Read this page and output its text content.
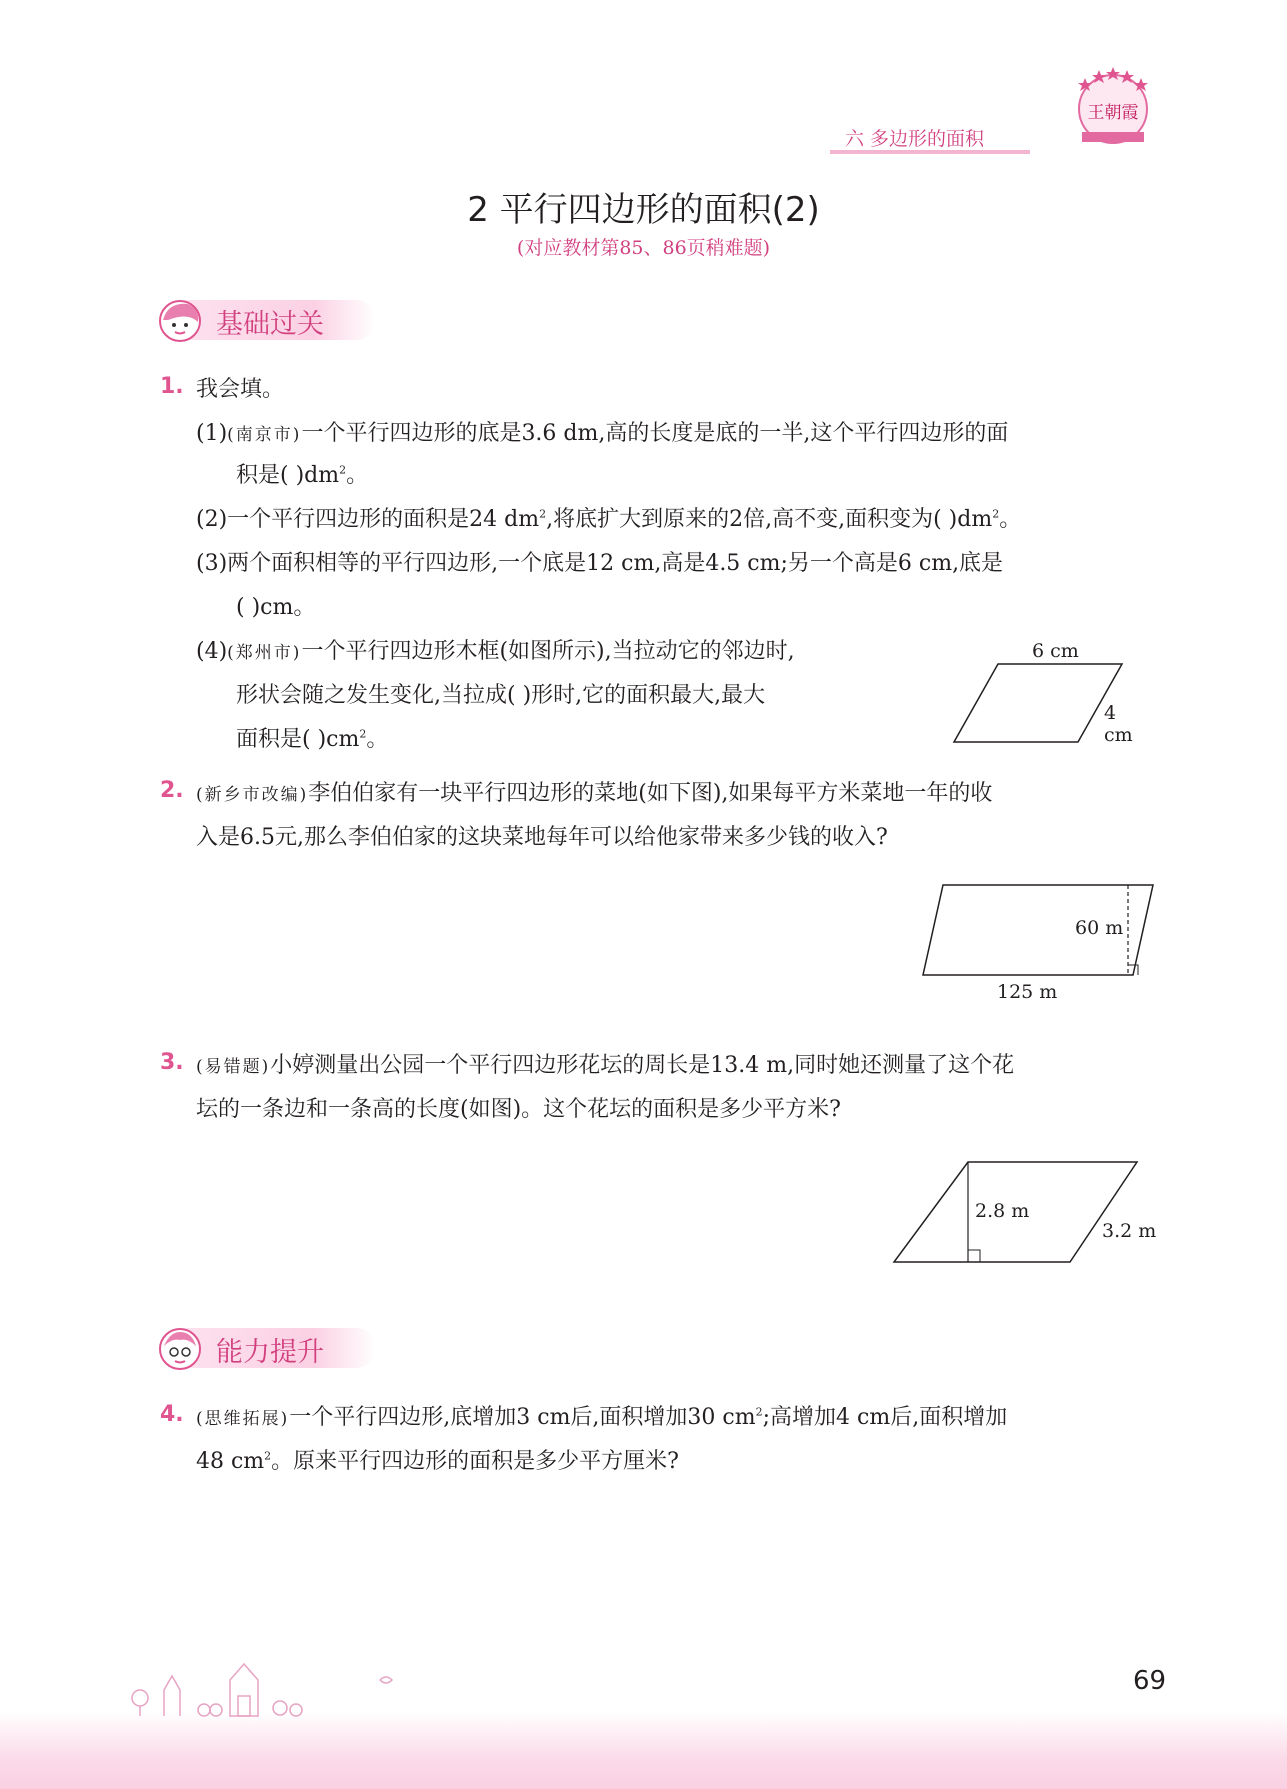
王朝霞
六 多边形的面积
2 平行四边形的面积(2)
(对应教材第85、86页稍难题)
基础过关
1. 我会填。
(1)(南京市)一个平行四边形的底是3.6 dm,高的长度是底的一半,这个平行四边形的面
积是( )$dm^2$。
(2)一个平行四边形的面积是24 $dm^2$,将底扩大到原来的2倍,高不变,面积变为( )$dm^2$。
(3)两个面积相等的平行四边形,一个底是12 cm,高是4.5 cm;另一个高是6 cm,底是
( )cm。
(4)(郑州市)一个平行四边形木框(如图所示),当拉动它的邻边时,
形状会随之发生变化,当拉成( )形时,它的面积最大,最大
面积是( )$cm^2$。
6 cm
4 cm
2. (新乡市改编)李伯伯家有一块平行四边形的菜地(如下图),如果每平方米菜地一年的收
入是6.5元,那么李伯伯家的这块菜地每年可以给他家带来多少钱的收入?
60 m
125 m
3. (易错题)小婷测量出公园一个平行四边形花坛的周长是13.4 m,同时她还测量了这个花
坛的一条边和一条高的长度(如图)。这个花坛的面积是多少平方米?
2.8 m
3.2 m
能力提升
4. (思维拓展)一个平行四边形,底增加3 cm后,面积增加30 $cm^2$;高增加4 cm后,面积增加
48 $cm^2$。原来平行四边形的面积是多少平方厘米?
69
